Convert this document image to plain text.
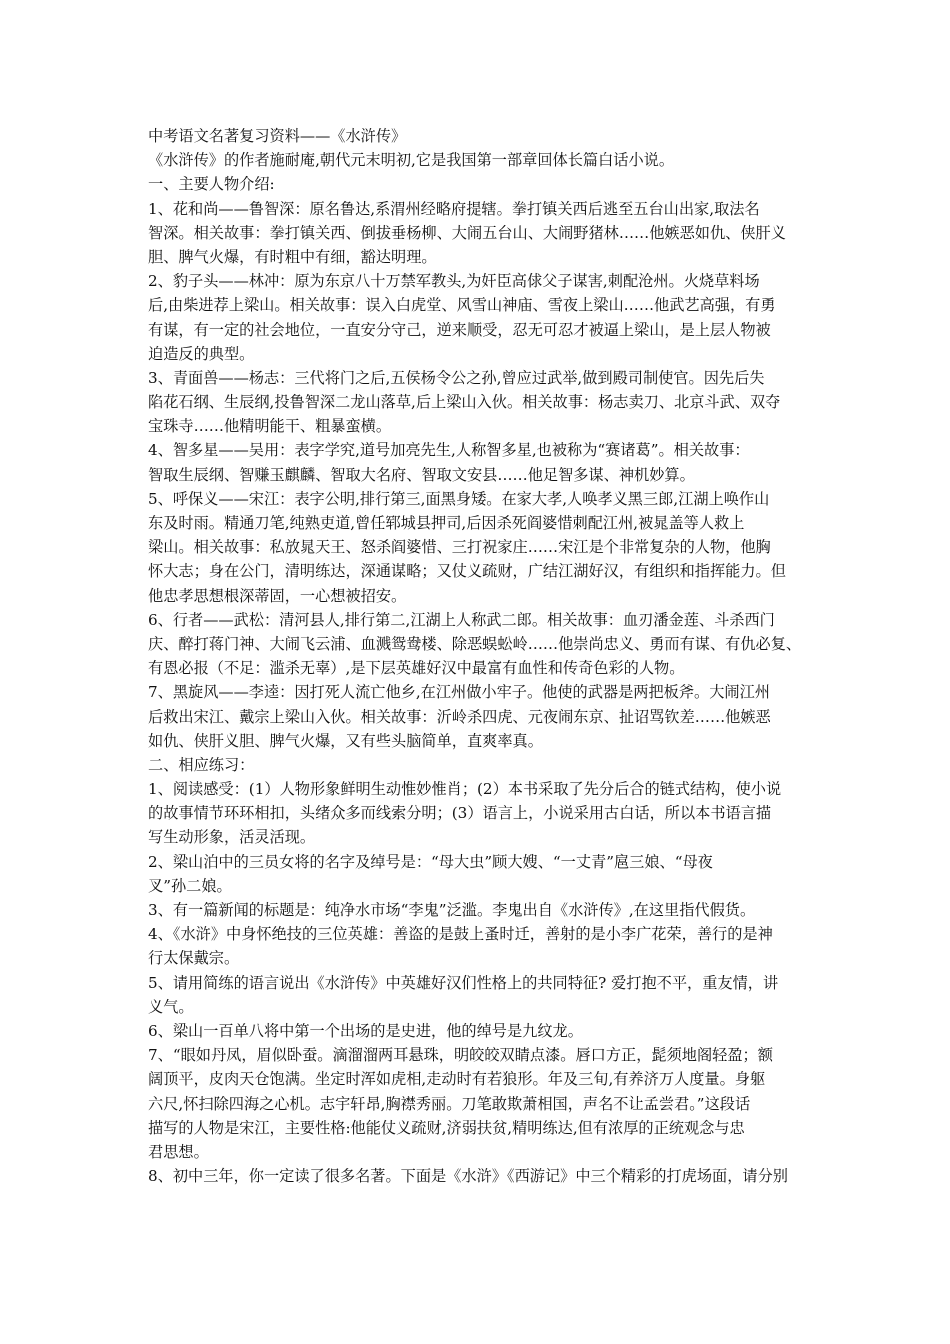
中考语文名著复习资料——《水浒传》

《水浒传》的作者施耐庵,朝代元末明初,它是我国第一部章回体长篇白话小说。

一、主要人物介绍:

1、花和尚——鲁智深：原名鲁达,系渭州经略府提辖。拳打镇关西后逃至五台山出家,取法名

智深。相关故事：拳打镇关西、倒拔垂杨柳、大闹五台山、大闹野猪林……他嫉恶如仇、侠肝义

胆、脾气火爆，有时粗中有细，豁达明理。

2、豹子头——林冲：原为东京八十万禁军教头,为奸臣高俅父子谋害,刺配沧州。火烧草料场

后,由柴进荐上梁山。相关故事：误入白虎堂、风雪山神庙、雪夜上梁山……他武艺高强，有勇

有谋，有一定的社会地位，一直安分守己，逆来顺受，忍无可忍才被逼上梁山，是上层人物被

迫造反的典型。

3、青面兽——杨志：三代将门之后,五侯杨令公之孙,曾应过武举,做到殿司制使官。因先后失

陷花石纲、生辰纲,投鲁智深二龙山落草,后上梁山入伙。相关故事：杨志卖刀、北京斗武、双夺

宝珠寺……他精明能干、粗暴蛮横。

4、智多星——吴用：表字学究,道号加亮先生,人称智多星,也被称为“赛诸葛”。相关故事：

智取生辰纲、智赚玉麒麟、智取大名府、智取文安县……他足智多谋、神机妙算。

5、呼保义——宋江：表字公明,排行第三,面黑身矮。在家大孝,人唤孝义黑三郎,江湖上唤作山

东及时雨。精通刀笔,纯熟吏道,曾任郓城县押司,后因杀死阎婆惜刺配江州,被晁盖等人救上

梁山。相关故事：私放晁天王、怒杀阎婆惜、三打祝家庄……宋江是个非常复杂的人物，他胸

怀大志；身在公门，清明练达，深通谋略；又仗义疏财，广结江湖好汉，有组织和指挥能力。但

他忠孝思想根深蒂固，一心想被招安。

6、行者——武松：清河县人,排行第二,江湖上人称武二郎。相关故事：血刃潘金莲、斗杀西门

庆、醉打蒋门神、大闹飞云浦、血溅鸳鸯楼、除恶蜈蚣岭……他崇尚忠义、勇而有谋、有仇必复、

有恩必报（不足：滥杀无辜）,是下层英雄好汉中最富有血性和传奇色彩的人物。

7、黑旋风——李逵：因打死人流亡他乡,在江州做小牢子。他使的武器是两把板斧。大闹江州

后救出宋江、戴宗上梁山入伙。相关故事：沂岭杀四虎、元夜闹东京、扯诏骂钦差……他嫉恶

如仇、侠肝义胆、脾气火爆，又有些头脑简单，直爽率真。

二、相应练习：

1、阅读感受：(1）人物形象鲜明生动惟妙惟肖；(2）本书采取了先分后合的链式结构，使小说

的故事情节环环相扣，头绪众多而线索分明；(3）语言上，小说采用古白话，所以本书语言描

写生动形象，活灵活现。

2、梁山泊中的三员女将的名字及绰号是：“母大虫”顾大嫂、“一丈青”扈三娘、“母夜

叉”孙二娘。

3、有一篇新闻的标题是：纯净水市场“李鬼”泛滥。李鬼出自《水浒传》,在这里指代假货。

4、《水浒》中身怀绝技的三位英雄：善盗的是鼓上蚤时迁，善射的是小李广花荣，善行的是神

行太保戴宗。

5、请用简练的语言说出《水浒传》中英雄好汉们性格上的共同特征? 爱打抱不平，重友情，讲

义气。

6、梁山一百单八将中第一个出场的是史进，他的绰号是九纹龙。

7、“眼如丹凤，眉似卧蚕。滴溜溜两耳悬珠，明皎皎双睛点漆。唇口方正，髭须地阁轻盈；额

阔顶平，皮肉天仓饱满。坐定时浑如虎相,走动时有若狼形。年及三旬,有养济万人度量。身躯

六尺,怀扫除四海之心机。志宇轩昂,胸襟秀丽。刀笔敢欺萧相国，声名不让孟尝君。”这段话

描写的人物是宋江，主要性格:他能仗义疏财,济弱扶贫,精明练达,但有浓厚的正统观念与忠

君思想。

8、初中三年，你一定读了很多名著。下面是《水浒》《西游记》中三个精彩的打虎场面，请分别
